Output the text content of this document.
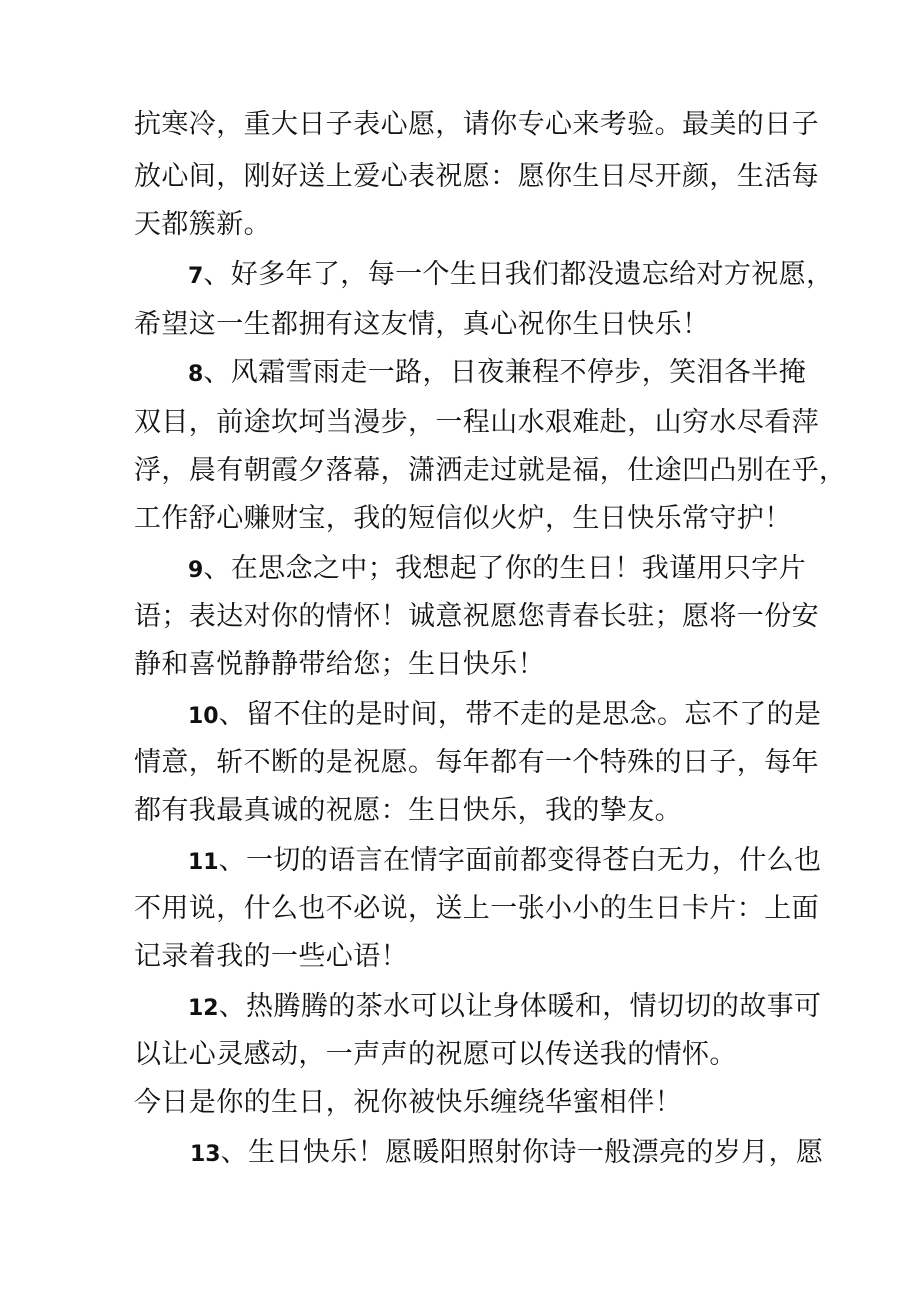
抗寒冷，重大日子表心愿，请你专心来考验。最美的日子
放心间，刚好送上爱心表祝愿：愿你生日尽开颜，生活每
天都簇新。
7、好多年了，每一个生日我们都没遗忘给对方祝愿，
希望这一生都拥有这友情，真心祝你生日快乐！
8、风霜雪雨走一路，日夜兼程不停步，笑泪各半掩
双目，前途坎坷当漫步，一程山水艰难赴，山穷水尽看萍
浮，晨有朝霞夕落幕，潇洒走过就是福，仕途凹凸别在乎，
工作舒心赚财宝，我的短信似火炉，生日快乐常守护！
9、在思念之中；我想起了你的生日！我谨用只字片
语；表达对你的情怀！诚意祝愿您青春长驻；愿将一份安
静和喜悦静静带给您；生日快乐！
10、留不住的是时间，带不走的是思念。忘不了的是
情意，斩不断的是祝愿。每年都有一个特殊的日子，每年
都有我最真诚的祝愿：生日快乐，我的挚友。
11、一切的语言在情字面前都变得苍白无力，什么也
不用说，什么也不必说，送上一张小小的生日卡片：上面
记录着我的一些心语！
12、热腾腾的茶水可以让身体暖和，情切切的故事可
以让心灵感动，一声声的祝愿可以传送我的情怀。
今日是你的生日，祝你被快乐缠绕华蜜相伴！
13、生日快乐！愿暖阳照射你诗一般漂亮的岁月，愿
